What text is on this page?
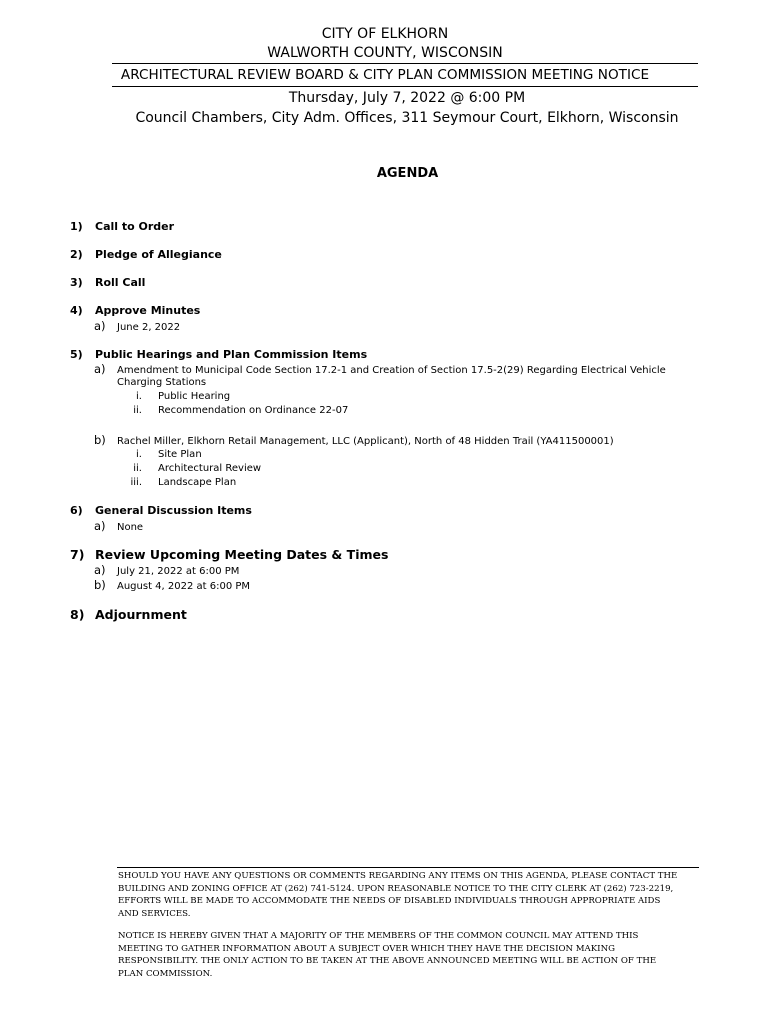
CITY OF ELKHORN
WALWORTH COUNTY, WISCONSIN
ARCHITECTURAL REVIEW BOARD & CITY PLAN COMMISSION MEETING NOTICE
Thursday, July 7, 2022 @ 6:00 PM
Council Chambers, City Adm. Offices, 311 Seymour Court, Elkhorn, Wisconsin
AGENDA
1) Call to Order
2) Pledge of Allegiance
3) Roll Call
4) Approve Minutes
a) June 2, 2022
5) Public Hearings and Plan Commission Items
a) Amendment to Municipal Code Section 17.2-1 and Creation of Section 17.5-2(29) Regarding Electrical Vehicle
Charging Stations
i. Public Hearing
ii. Recommendation on Ordinance 22-07
b) Rachel Miller, Elkhorn Retail Management, LLC (Applicant), North of 48 Hidden Trail (YA411500001)
i. Site Plan
ii. Architectural Review
iii. Landscape Plan
6) General Discussion Items
a) None
7) Review Upcoming Meeting Dates & Times
a) July 21, 2022 at 6:00 PM
b) August 4, 2022 at 6:00 PM
8) Adjournment
SHOULD YOU HAVE ANY QUESTIONS OR COMMENTS REGARDING ANY ITEMS ON THIS AGENDA, PLEASE CONTACT THE
BUILDING AND ZONING OFFICE AT (262) 741-5124. UPON REASONABLE NOTICE TO THE CITY CLERK AT (262) 723-2219,
EFFORTS WILL BE MADE TO ACCOMMODATE THE NEEDS OF DISABLED INDIVIDUALS THROUGH APPROPRIATE AIDS
AND SERVICES.
NOTICE IS HEREBY GIVEN THAT A MAJORITY OF THE MEMBERS OF THE COMMON COUNCIL MAY ATTEND THIS
MEETING TO GATHER INFORMATION ABOUT A SUBJECT OVER WHICH THEY HAVE THE DECISION MAKING
RESPONSIBILITY. THE ONLY ACTION TO BE TAKEN AT THE ABOVE ANNOUNCED MEETING WILL BE ACTION OF THE
PLAN COMMISSION.
